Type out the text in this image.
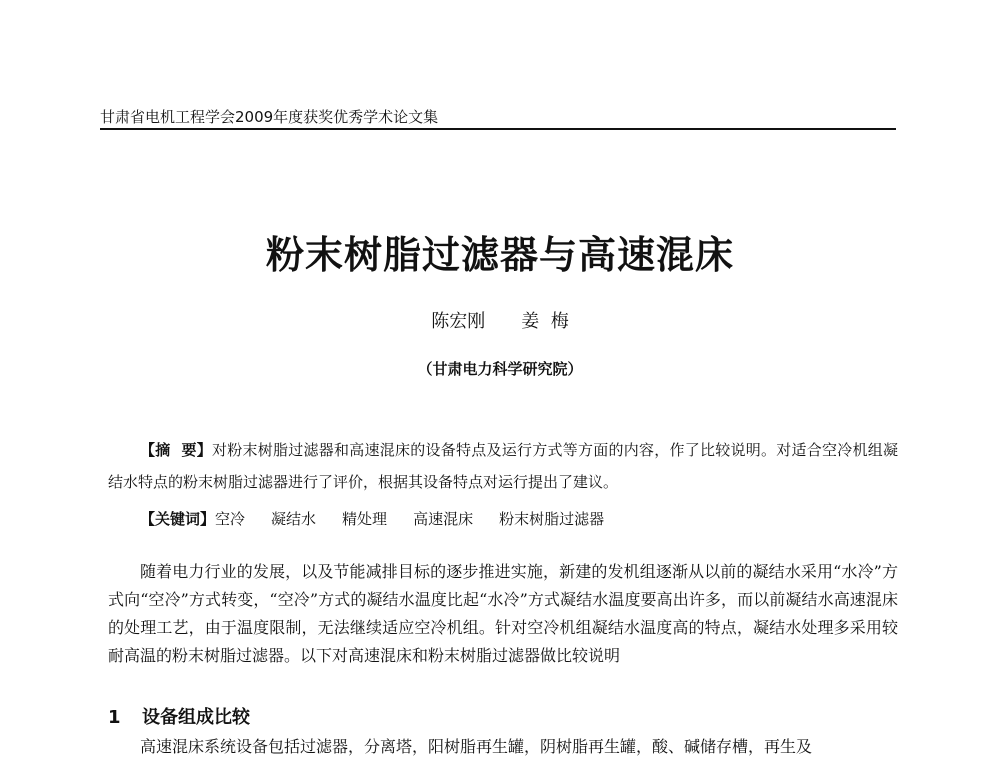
甘肃省电机工程学会2009年度获奖优秀学术论文集
粉末树脂过滤器与高速混床
陈宏刚 姜  梅
（甘肃电力科学研究院）
【摘  要】对粉末树脂过滤器和高速混床的设备特点及运行方式等方面的内容，作了比较说明。对适合空冷机组凝结水特点的粉末树脂过滤器进行了评价，根据其设备特点对运行提出了建议。
【关键词】空冷 凝结水 精处理 高速混床 粉末树脂过滤器
随着电力行业的发展，以及节能减排目标的逐步推进实施，新建的发机组逐渐从以前的凝结水采用“水冷”方式向“空冷”方式转变，“空冷”方式的凝结水温度比起“水冷”方式凝结水温度要高出许多，而以前凝结水高速混床的处理工艺，由于温度限制，无法继续适应空冷机组。针对空冷机组凝结水温度高的特点，凝结水处理多采用较耐高温的粉末树脂过滤器。以下对高速混床和粉末树脂过滤器做比较说明
1 设备组成比较
高速混床系统设备包括过滤器，分离塔，阳树脂再生罐，阴树脂再生罐，酸、碱储存槽，再生及
